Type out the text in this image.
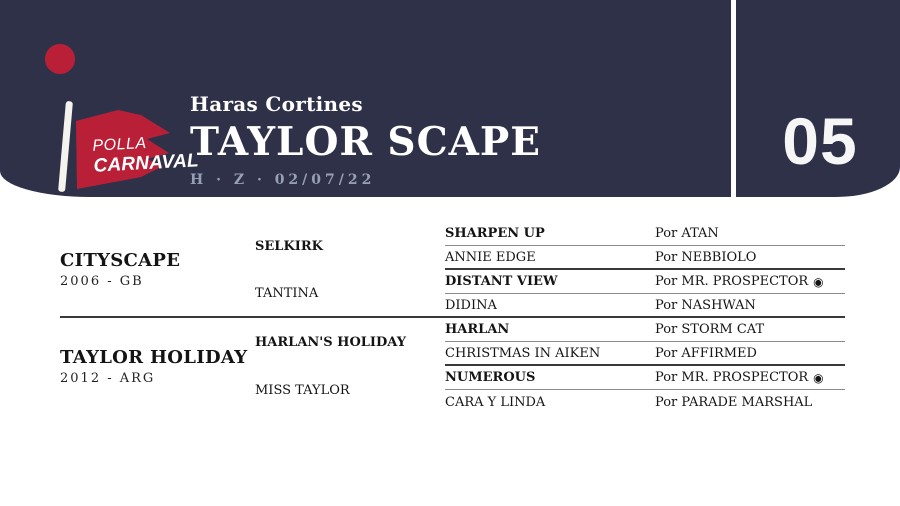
POLLA
CARNAVAL
Haras Cortines
TAYLOR SCAPE
H · Z · 02/07/22
05
CITYSCAPE
2006 - GB
SELKIRK
SHARPEN UP	Por ATAN
ANNIE EDGE	Por NEBBIOLO
TANTINA
DISTANT VIEW	Por MR. PROSPECTOR ◉
DIDINA	Por NASHWAN
TAYLOR HOLIDAY
2012 - ARG
HARLAN'S HOLIDAY
HARLAN	Por STORM CAT
CHRISTMAS IN AIKEN	Por AFFIRMED
MISS TAYLOR
NUMEROUS	Por MR. PROSPECTOR ◉
CARA Y LINDA	Por PARADE MARSHAL
